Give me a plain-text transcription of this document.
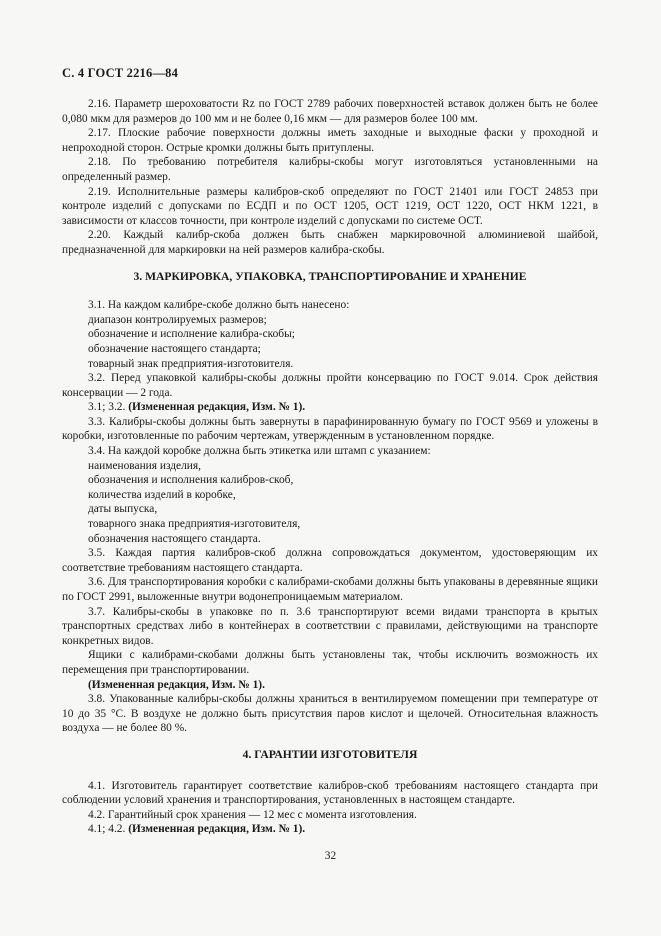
С. 4 ГОСТ 2216—84

2.16. Параметр шероховатости Rz по ГОСТ 2789 рабочих поверхностей вставок должен быть не более 0,080 мкм для размеров до 100 мм и не более 0,16 мкм — для размеров более 100 мм.

2.17. Плоские рабочие поверхности должны иметь заходные и выходные фаски у проходной и непроходной сторон. Острые кромки должны быть притуплены.

2.18. По требованию потребителя калибры-скобы могут изготовляться установленными на определенный размер.

2.19. Исполнительные размеры калибров-скоб определяют по ГОСТ 21401 или ГОСТ 24853 при контроле изделий с допусками по ЕСДП и по ОСТ 1205, ОСТ 1219, ОСТ 1220, ОСТ НКМ 1221, в зависимости от классов точности, при контроле изделий с допусками по системе ОСТ.

2.20. Каждый калибр-скоба должен быть снабжен маркировочной алюминиевой шайбой, предназначенной для маркировки на ней размеров калибра-скобы.

3. МАРКИРОВКА, УПАКОВКА, ТРАНСПОРТИРОВАНИЕ И ХРАНЕНИЕ

3.1. На каждом калибре-скобе должно быть нанесено:

диапазон контролируемых размеров;

обозначение и исполнение калибра-скобы;

обозначение настоящего стандарта;

товарный знак предприятия-изготовителя.

3.2. Перед упаковкой калибры-скобы должны пройти консервацию по ГОСТ 9.014. Срок действия консервации — 2 года.

3.1; 3.2. (Измененная редакция, Изм. № 1).

3.3. Калибры-скобы должны быть завернуты в парафинированную бумагу по ГОСТ 9569 и уложены в коробки, изготовленные по рабочим чертежам, утвержденным в установленном порядке.

3.4. На каждой коробке должна быть этикетка или штамп с указанием:

наименования изделия,

обозначения и исполнения калибров-скоб,

количества изделий в коробке,

даты выпуска,

товарного знака предприятия-изготовителя,

обозначения настоящего стандарта.

3.5. Каждая партия калибров-скоб должна сопровождаться документом, удостоверяющим их соответствие требованиям настоящего стандарта.

3.6. Для транспортирования коробки с калибрами-скобами должны быть упакованы в деревянные ящики по ГОСТ 2991, выложенные внутри водонепроницаемым материалом.

3.7. Калибры-скобы в упаковке по п. 3.6 транспортируют всеми видами транспорта в крытых транспортных средствах либо в контейнерах в соответствии с правилами, действующими на транспорте конкретных видов.

Ящики с калибрами-скобами должны быть установлены так, чтобы исключить возможность их перемещения при транспортировании.

(Измененная редакция, Изм. № 1).

3.8. Упакованные калибры-скобы должны храниться в вентилируемом помещении при температуре от 10 до 35 °С. В воздухе не должно быть присутствия паров кислот и щелочей. Относительная влажность воздуха — не более 80 %.

4. ГАРАНТИИ ИЗГОТОВИТЕЛЯ

4.1. Изготовитель гарантирует соответствие калибров-скоб требованиям настоящего стандарта при соблюдении условий хранения и транспортирования, установленных в настоящем стандарте.

4.2. Гарантийный срок хранения — 12 мес с момента изготовления.

4.1; 4.2. (Измененная редакция, Изм. № 1).

32
